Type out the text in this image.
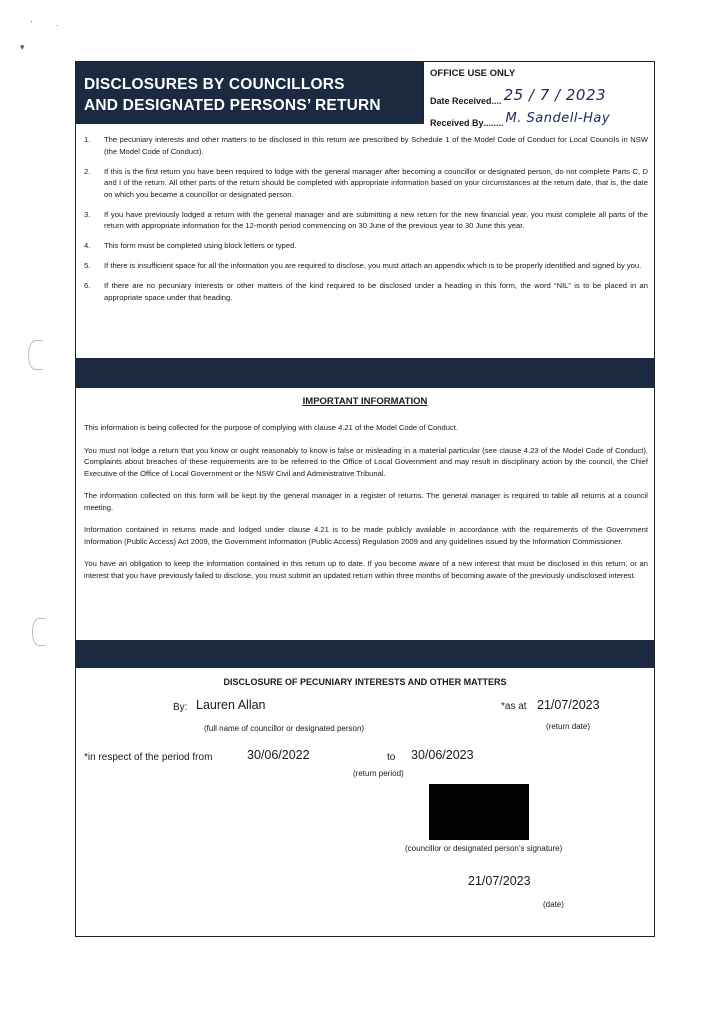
·
˙
▾
DISCLOSURES BY COUNCILLORS
AND DESIGNATED PERSONS’ RETURN
OFFICE USE ONLY
Date Received .... 25 / 7 / 2023
Received By ........ M. Sandell-Hay
1.	The pecuniary interests and other matters to be disclosed in this return are prescribed by Schedule 1 of the Model Code of Conduct for Local Councils in NSW (the Model Code of Conduct).
2.	If this is the first return you have been required to lodge with the general manager after becoming a councillor or designated person, do not complete Parts C, D and I of the return. All other parts of the return should be completed with appropriate information based on your circumstances at the return date, that is, the date on which you became a councillor or designated person.
3.	If you have previously lodged a return with the general manager and are submitting a new return for the new financial year, you must complete all parts of the return with appropriate information for the 12-month period commencing on 30 June of the previous year to 30 June this year.
4.	This form must be completed using block letters or typed.
5.	If there is insufficient space for all the information you are required to disclose, you must attach an appendix which is to be properly identified and signed by you.
6.	If there are no pecuniary interests or other matters of the kind required to be disclosed under a heading in this form, the word “NIL” is to be placed in an appropriate space under that heading.
IMPORTANT INFORMATION

This information is being collected for the purpose of complying with clause 4.21 of the Model Code of Conduct.

You must not lodge a return that you know or ought reasonably to know is false or misleading in a material particular (see clause 4.23 of the Model Code of Conduct). Complaints about breaches of these requirements are to be referred to the Office of Local Government and may result in disciplinary action by the council, the Chief Executive of the Office of Local Government or the NSW Civil and Administrative Tribunal.

The information collected on this form will be kept by the general manager in a register of returns. The general manager is required to table all returns at a council meeting.

Information contained in returns made and lodged under clause 4.21 is to be made publicly available in accordance with the requirements of the Government Information (Public Access) Act 2009, the Government Information (Public Access) Regulation 2009 and any guidelines issued by the Information Commissioner.

You have an obligation to keep the information contained in this return up to date. If you become aware of a new interest that must be disclosed in this return, or an interest that you have previously failed to disclose, you must submit an updated return within three months of becoming aware of the previously undisclosed interest.

DISCLOSURE OF PECUNIARY INTERESTS AND OTHER MATTERS
By: Lauren Allan
(full name of councillor or designated person)
*as at 21/07/2023
(return date)
*in respect of the period from	30/06/2022	to 30/06/2023
(return period)
(councillor or designated person’s signature)
21/07/2023
(date)
